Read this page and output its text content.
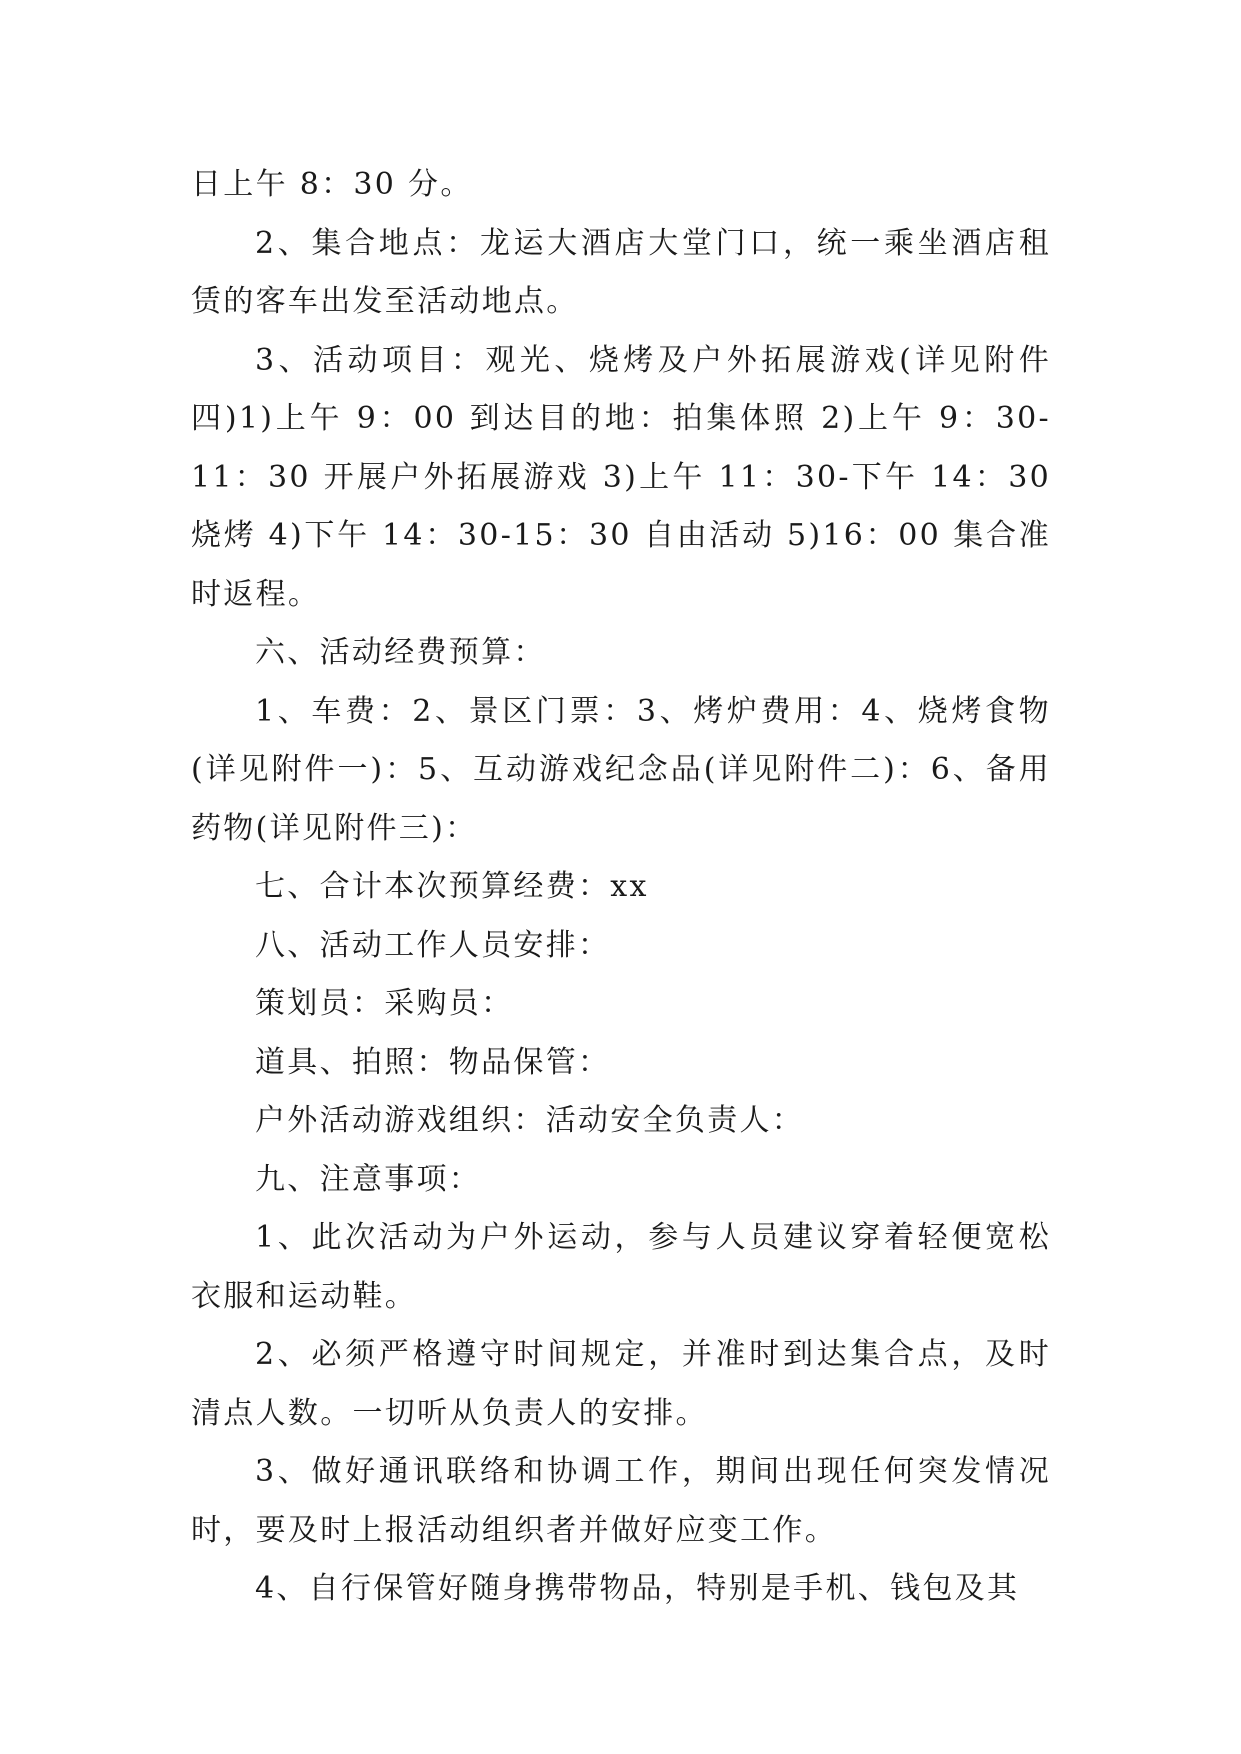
日上午 8：30 分。

2、集合地点：龙运大酒店大堂门口，统一乘坐酒店租赁的客车出发至活动地点。

3、活动项目：观光、烧烤及户外拓展游戏(详见附件四)1)上午 9：00 到达目的地：拍集体照 2)上午 9：30-11：30 开展户外拓展游戏 3)上午 11：30-下午 14：30 烧烤 4)下午 14：30-15：30 自由活动 5)16：00 集合准时返程。

六、活动经费预算：

1、车费：2、景区门票：3、烤炉费用：4、烧烤食物(详见附件一)：5、互动游戏纪念品(详见附件二)：6、备用药物(详见附件三)：

七、合计本次预算经费：xx

八、活动工作人员安排：

策划员：采购员：

道具、拍照：物品保管：

户外活动游戏组织：活动安全负责人：

九、注意事项：

1、此次活动为户外运动，参与人员建议穿着轻便宽松衣服和运动鞋。

2、必须严格遵守时间规定，并准时到达集合点，及时清点人数。一切听从负责人的安排。

3、做好通讯联络和协调工作，期间出现任何突发情况时，要及时上报活动组织者并做好应变工作。

4、自行保管好随身携带物品，特别是手机、钱包及其
